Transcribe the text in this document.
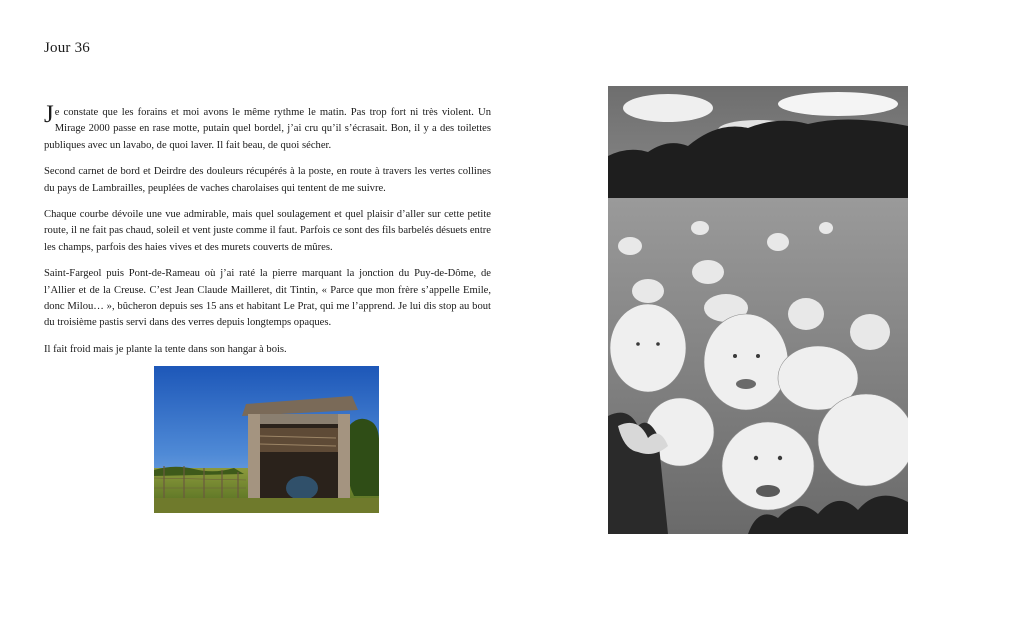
Jour 36

Je constate que les forains et moi avons le même rythme le matin. Pas trop fort ni très violent. Un Mirage 2000 passe en rase motte, putain quel bordel, j’ai cru qu’il s’écrasait. Bon, il y a des toilettes publiques avec un lavabo, de quoi laver. Il fait beau, de quoi sécher.

Second carnet de bord et Deirdre des douleurs récupérés à la poste, en route à travers les vertes collines du pays de Lambrailles, peuplées de vaches charolaises qui tentent de me suivre.

Chaque courbe dévoile une vue admirable, mais quel soulagement et quel plaisir d’aller sur cette petite route, il ne fait pas chaud, soleil et vent juste comme il faut. Parfois ce sont des fils barbelés désuets entre les champs, parfois des haies vives et des murets couverts de mûres.

Saint-Fargeol puis Pont-de-Rameau où j’ai raté la pierre marquant la jonction du Puy-de-Dôme, de l’Allier et de la Creuse. C’est Jean Claude Mailleret, dit Tintin, « Parce que mon frère s’appelle Emile, donc Milou… », bûcheron depuis ses 15 ans et habitant Le Prat, qui me l’apprend. Je lui dis stop au bout du troisième pastis servi dans des verres depuis longtemps opaques.

Il fait froid mais je plante la tente dans son hangar à bois.
